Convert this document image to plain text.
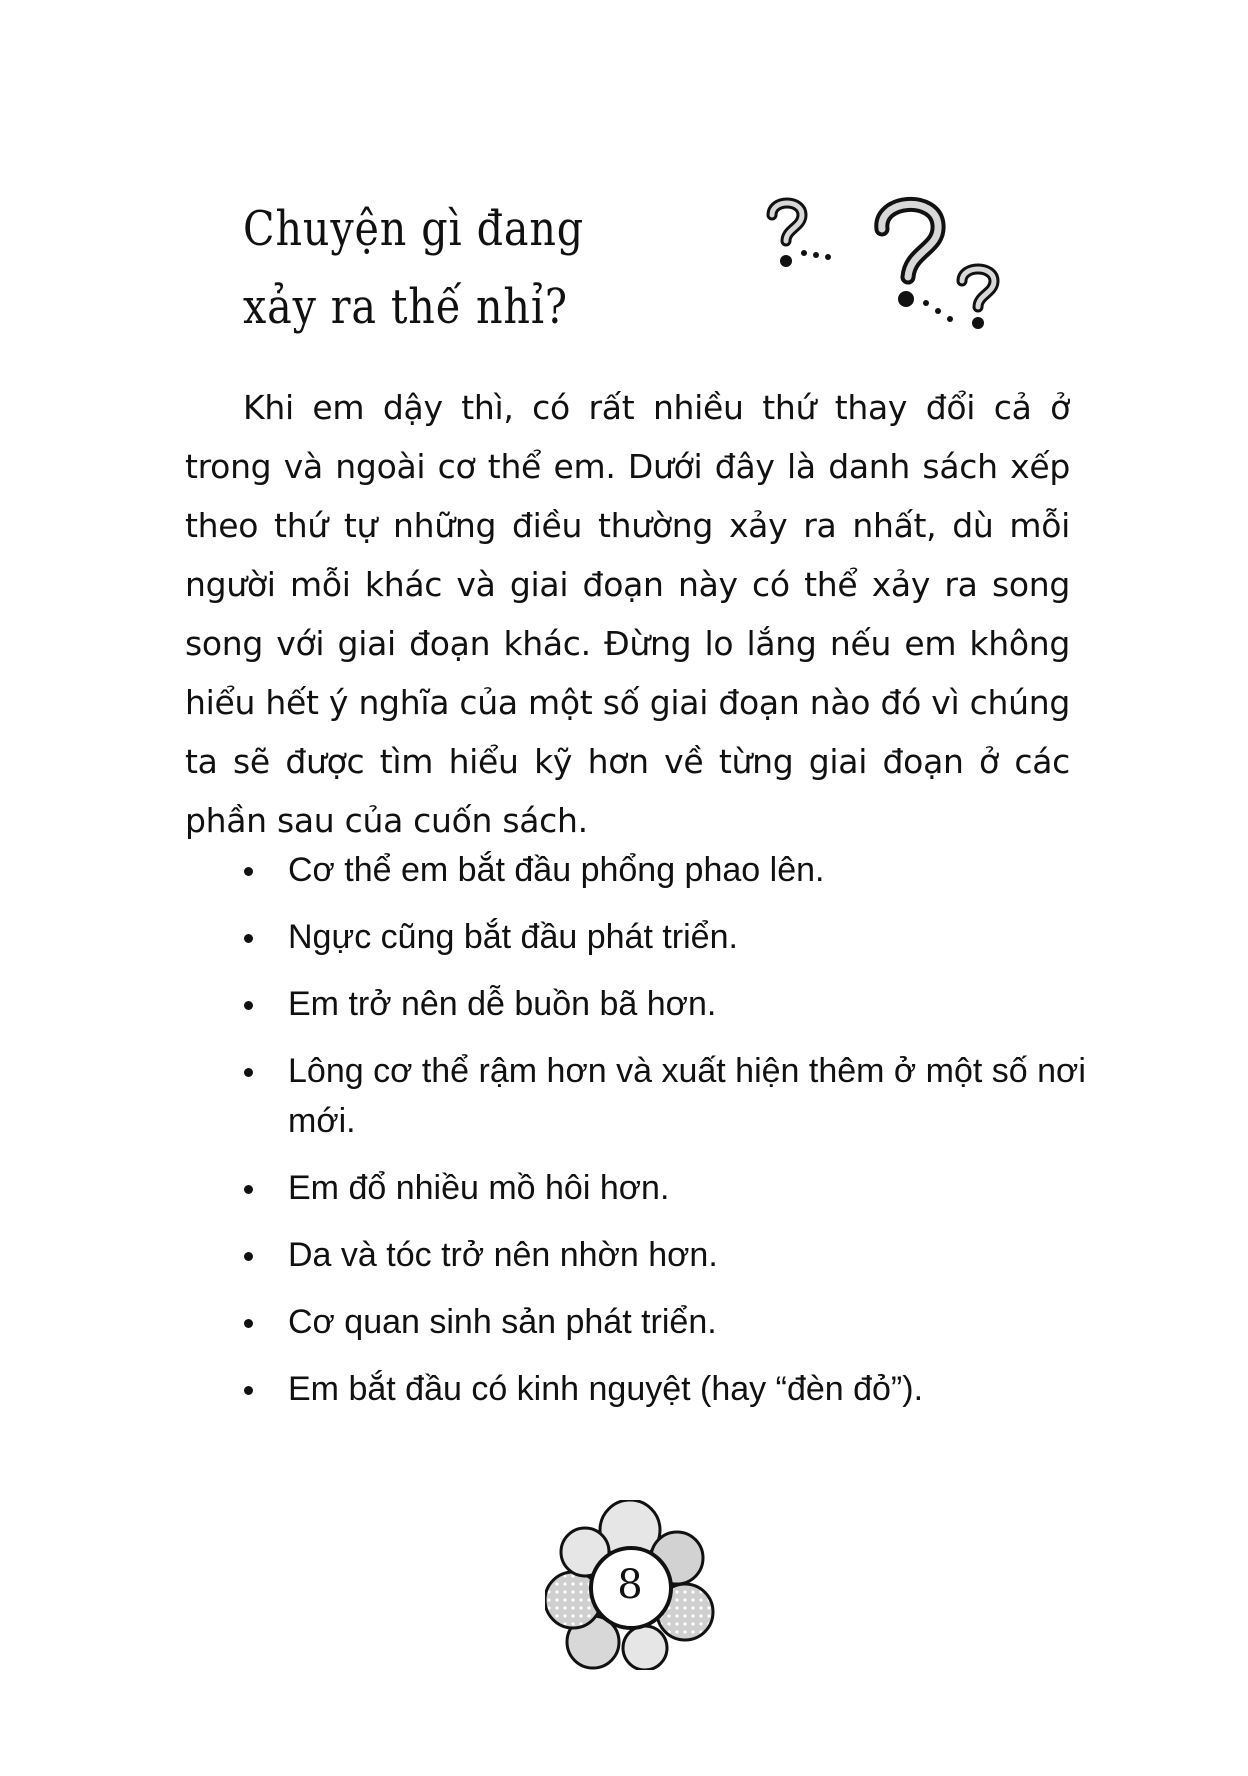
Chuyện gì đang
xảy ra thế nhỉ?
Khi em dậy thì, có rất nhiều thứ thay đổi cả ở trong và ngoài cơ thể em. Dưới đây là danh sách xếp theo thứ tự những điều thường xảy ra nhất, dù mỗi người mỗi khác và giai đoạn này có thể xảy ra song song với giai đoạn khác. Đừng lo lắng nếu em không hiểu hết ý nghĩa của một số giai đoạn nào đó vì chúng ta sẽ được tìm hiểu kỹ hơn về từng giai đoạn ở các phần sau của cuốn sách.
Cơ thể em bắt đầu phổng phao lên.
Ngực cũng bắt đầu phát triển.
Em trở nên dễ buồn bã hơn.
Lông cơ thể rậm hơn và xuất hiện thêm ở một số nơi mới.
Em đổ nhiều mồ hôi hơn.
Da và tóc trở nên nhờn hơn.
Cơ quan sinh sản phát triển.
Em bắt đầu có kinh nguyệt (hay “đèn đỏ”).
8
